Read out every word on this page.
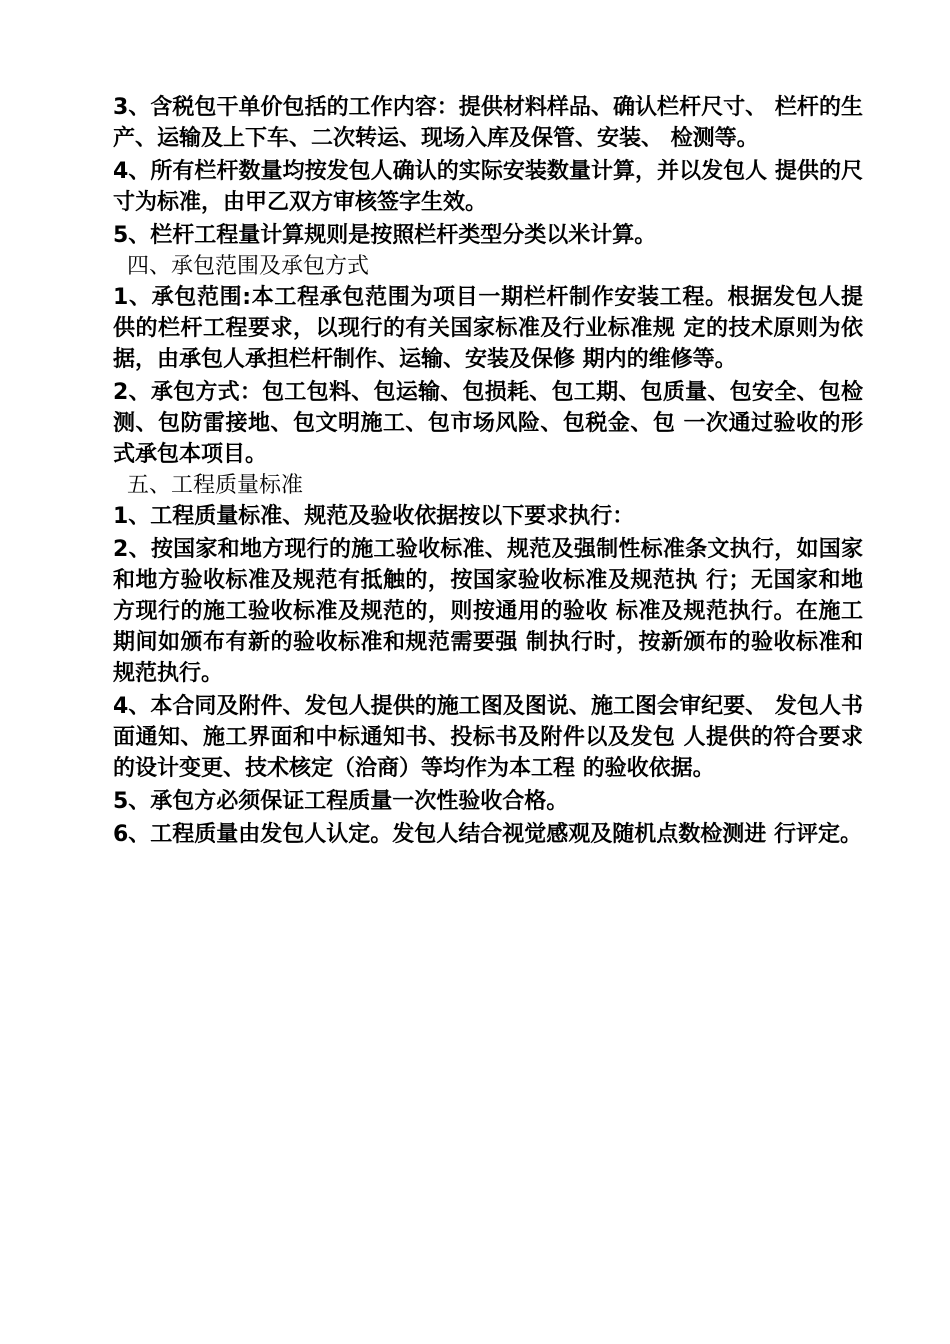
3、含税包干单价包括的工作内容：提供材料样品、确认栏杆尺寸、 栏杆的生产、运输及上下车、二次转运、现场入库及保管、安装、 检测等。

4、所有栏杆数量均按发包人确认的实际安装数量计算，并以发包人 提供的尺寸为标准，由甲乙双方审核签字生效。

5、栏杆工程量计算规则是按照栏杆类型分类以米计算。

四、承包范围及承包方式

1、承包范围:本工程承包范围为项目一期栏杆制作安装工程。根据发包人提供的栏杆工程要求，以现行的有关国家标准及行业标准规 定的技术原则为依据，由承包人承担栏杆制作、运输、安装及保修 期内的维修等。

2、承包方式：包工包料、包运输、包损耗、包工期、包质量、包安全、包检测、包防雷接地、包文明施工、包市场风险、包税金、包 一次通过验收的形式承包本项目。

五、工程质量标准

1、工程质量标准、规范及验收依据按以下要求执行：

2、按国家和地方现行的施工验收标准、规范及强制性标准条文执行，如国家和地方验收标准及规范有抵触的，按国家验收标准及规范执 行；无国家和地方现行的施工验收标准及规范的，则按通用的验收 标准及规范执行。在施工期间如颁布有新的验收标准和规范需要强 制执行时，按新颁布的验收标准和规范执行。

4、本合同及附件、发包人提供的施工图及图说、施工图会审纪要、 发包人书面通知、施工界面和中标通知书、投标书及附件以及发包 人提供的符合要求的设计变更、技术核定（洽商）等均作为本工程 的验收依据。

5、承包方必须保证工程质量一次性验收合格。

6、工程质量由发包人认定。发包人结合视觉感观及随机点数检测进 行评定。
